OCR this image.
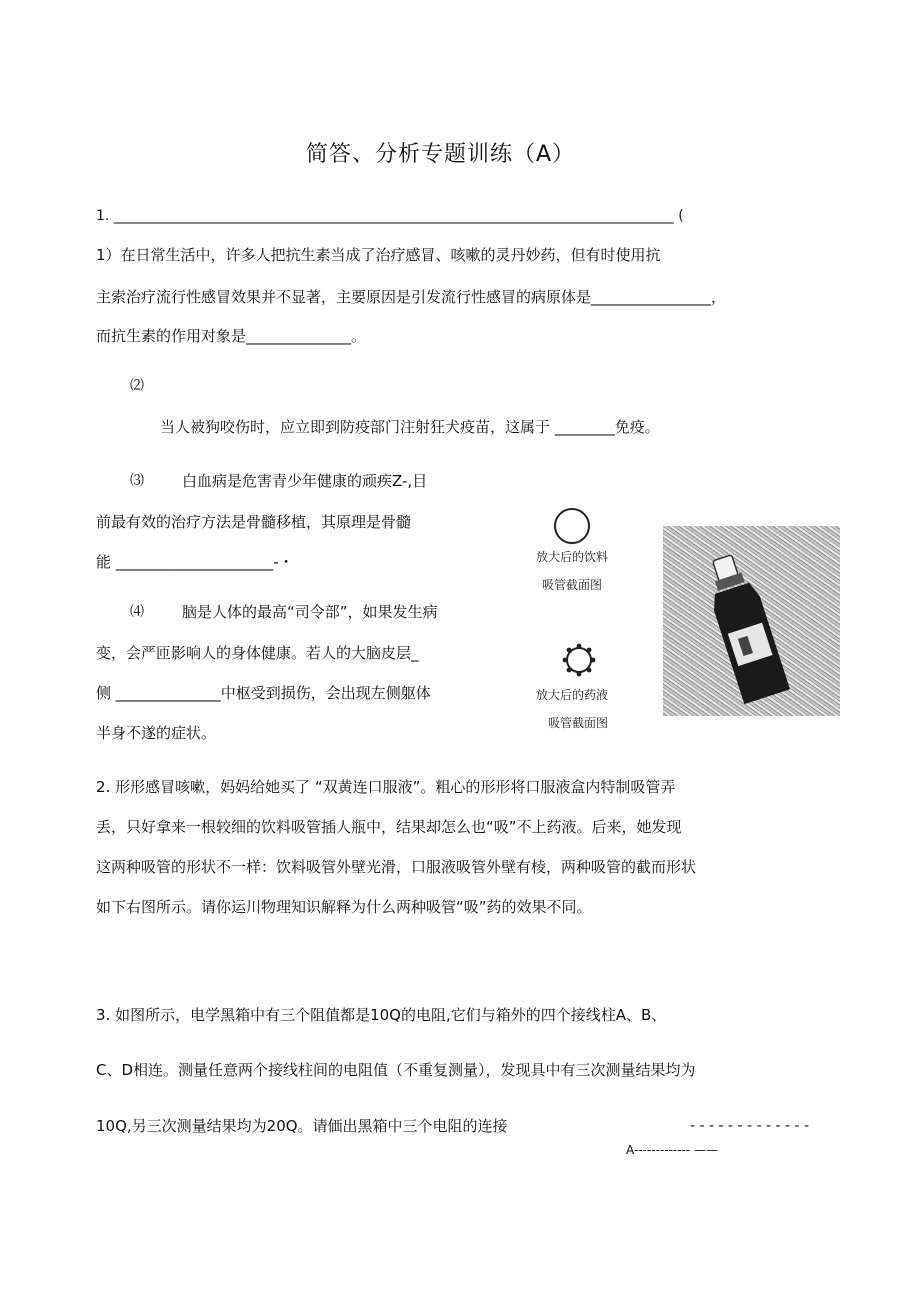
简答、分析专题训练（A）
1. ________________________________________________________________________________ (
1）在日常生活中，许多人把抗生素当成了治疗感冒、咳嗽的灵丹妙药，但有时使用抗
主索治疗流行性感冒效果并不显著，主要原因是引发流行性感冒的病原体是________________，
而抗生素的作用对象是______________。
⑵
当人被狗咬伤时，应立即到防疫部门注射狂犬疫苗，这属于 ________免疫。
⑶	白血病是危害青少年健康的顽疾Z-,目
前最有效的治疗方法是骨髓移植，其原理是骨髓
能 _____________________-・
⑷	脑是人体的最高“司令部”，如果发生病
变，会严匝影响人的身体健康。若人的大脑皮层_
侧 ______________中枢受到损伤，会出现左侧躯体
半身不遂的症状。
放大后的饮料
吸管截面图
放大后的药液
吸管截面图
2. 形形感冒咳嗽，妈妈给她买了 “双黄连口服液”。粗心的形形将口服液盒内特制吸管弄
丢，只好拿来一根较细的饮料吸管插人瓶中，结果却怎么也“吸”不上药液。后来，她发现
这两种吸管的形状不一样：饮料吸管外壁光滑，口服液吸管外壁有棱，两种吸管的截而形状
如下右图所示。请你运川物理知识解释为什么两种吸管“吸”药的效果不同。
3. 如图所示，电学黑箱中有三个阻值都是10Q的电阻,它们与箱外的四个接线柱A、B、
C、D相连。测量任意两个接线柱间的电阻值（不重复测量），发现具中有三次测量结果均为
10Q,另三次测量结果均为20Q。请価出黑箱中三个电阻的连接	- - - - - - - - - - - - -
A------------- ——
